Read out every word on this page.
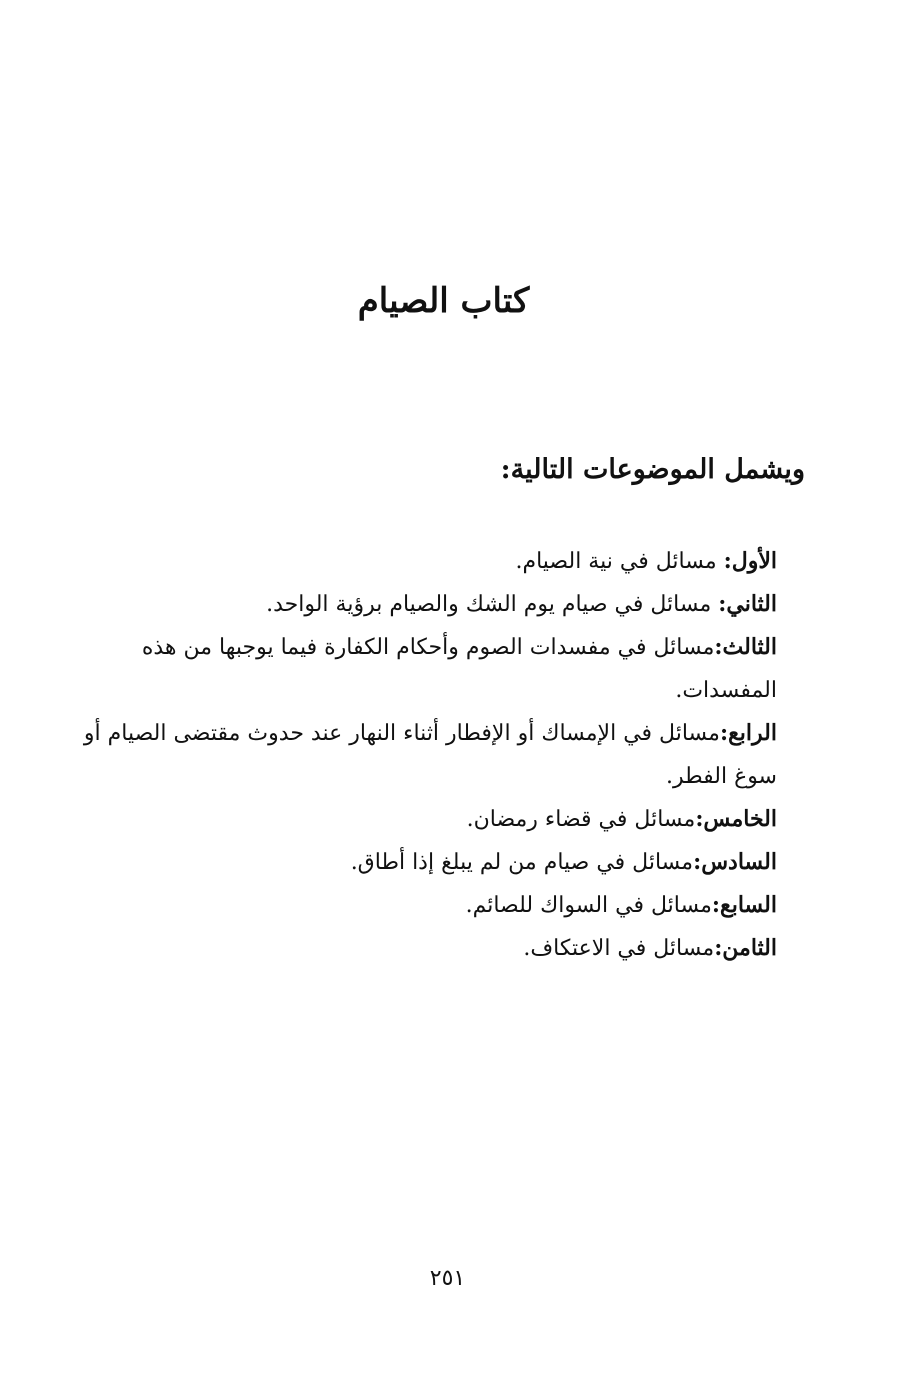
كتاب الصيام
ويشمل الموضوعات التالية:
الأول: مسائل في نية الصيام.
الثاني: مسائل في صيام يوم الشك والصيام برؤية الواحد.
الثالث:مسائل في مفسدات الصوم وأحكام الكفارة فيما يوجبها من هذه المفسدات.
الرابع:مسائل في الإمساك أو الإفطار أثناء النهار عند حدوث مقتضى الصيام أو سوغ الفطر.
الخامس:مسائل في قضاء رمضان.
السادس:مسائل في صيام من لم يبلغ إذا أطاق.
السابع:مسائل في السواك للصائم.
الثامن:مسائل في الاعتكاف.
٢٥١
